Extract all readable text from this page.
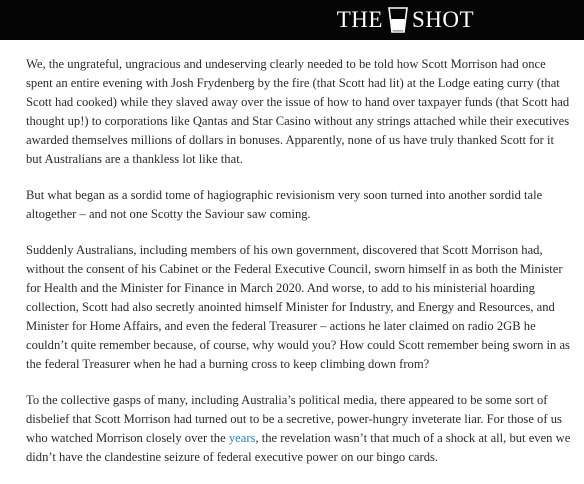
THE SHOT

We, the ungrateful, ungracious and undeserving clearly needed to be told how Scott Morrison had once spent an entire evening with Josh Frydenberg by the fire (that Scott had lit) at the Lodge eating curry (that Scott had cooked) while they slaved away over the issue of how to hand over taxpayer funds (that Scott had thought up!) to corporations like Qantas and Star Casino without any strings attached while their executives awarded themselves millions of dollars in bonuses. Apparently, none of us have truly thanked Scott for it but Australians are a thankless lot like that.

But what began as a sordid tome of hagiographic revisionism very soon turned into another sordid tale altogether – and not one Scotty the Saviour saw coming.

Suddenly Australians, including members of his own government, discovered that Scott Morrison had, without the consent of his Cabinet or the Federal Executive Council, sworn himself in as both the Minister for Health and the Minister for Finance in March 2020. And worse, to add to his ministerial hoarding collection, Scott had also secretly anointed himself Minister for Industry, and Energy and Resources, and Minister for Home Affairs, and even the federal Treasurer – actions he later claimed on radio 2GB he couldn’t quite remember because, of course, why would you? How could Scott remember being sworn in as the federal Treasurer when he had a burning cross to keep climbing down from?

To the collective gasps of many, including Australia’s political media, there appeared to be some sort of disbelief that Scott Morrison had turned out to be a secretive, power-hungry inveterate liar. For those of us who watched Morrison closely over the years, the revelation wasn’t that much of a shock at all, but even we didn’t have the clandestine seizure of federal executive power on our bingo cards.
